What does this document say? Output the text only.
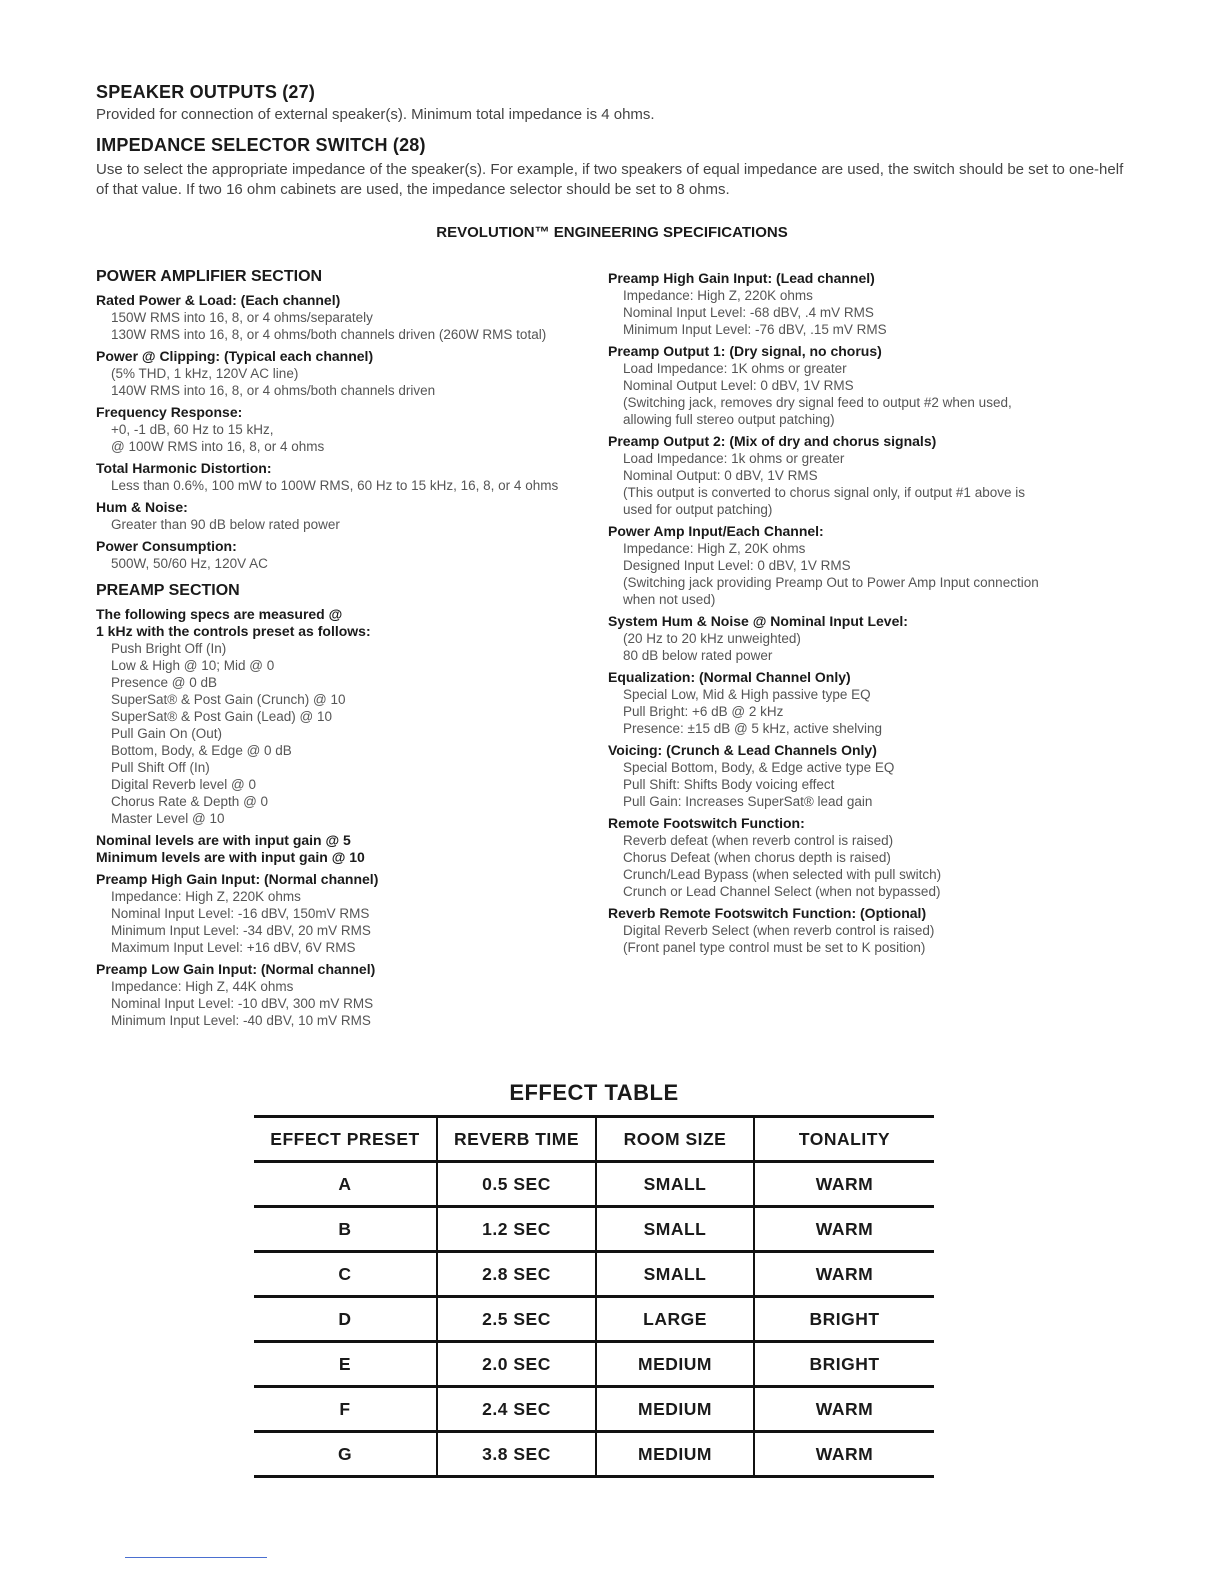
SPEAKER OUTPUTS (27)
Provided for connection of external speaker(s). Minimum total impedance is 4 ohms.
IMPEDANCE SELECTOR SWITCH (28)
Use to select the appropriate impedance of the speaker(s). For example, if two speakers of equal impedance are used, the switch should be set to one-helf of that value. If two 16 ohm cabinets are used, the impedance selector should be set to 8 ohms.
REVOLUTION™ ENGINEERING SPECIFICATIONS
POWER AMPLIFIER SECTION
Rated Power & Load: (Each channel)
150W RMS into 16, 8, or 4 ohms/separately
130W RMS into 16, 8, or 4 ohms/both channels driven (260W RMS total)
Power @ Clipping: (Typical each channel)
(5% THD, 1 kHz, 120V AC line)
140W RMS into 16, 8, or 4 ohms/both channels driven
Frequency Response:
+0, -1 dB, 60 Hz to 15 kHz,
@ 100W RMS into 16, 8, or 4 ohms
Total Harmonic Distortion:
Less than 0.6%, 100 mW to 100W RMS, 60 Hz to 15 kHz, 16, 8, or 4 ohms
Hum & Noise:
Greater than 90 dB below rated power
Power Consumption:
500W, 50/60 Hz, 120V AC
PREAMP SECTION
The following specs are measured @
1 kHz with the controls preset as follows:
Push Bright Off (In)
Low & High @ 10; Mid @ 0
Presence @ 0 dB
SuperSat® & Post Gain (Crunch) @ 10
SuperSat® & Post Gain (Lead) @ 10
Pull Gain On (Out)
Bottom, Body, & Edge @ 0 dB
Pull Shift Off (In)
Digital Reverb level @ 0
Chorus Rate & Depth @ 0
Master Level @ 10
Nominal levels are with input gain @ 5
Minimum levels are with input gain @ 10
Preamp High Gain Input: (Normal channel)
Impedance: High Z, 220K ohms
Nominal Input Level: -16 dBV, 150mV RMS
Minimum Input Level: -34 dBV, 20 mV RMS
Maximum Input Level: +16 dBV, 6V RMS
Preamp Low Gain Input: (Normal channel)
Impedance: High Z, 44K ohms
Nominal Input Level: -10 dBV, 300 mV RMS
Minimum Input Level: -40 dBV, 10 mV RMS
Preamp High Gain Input: (Lead channel)
Impedance: High Z, 220K ohms
Nominal Input Level: -68 dBV, .4 mV RMS
Minimum Input Level: -76 dBV, .15 mV RMS
Preamp Output 1: (Dry signal, no chorus)
Load Impedance: 1K ohms or greater
Nominal Output Level: 0 dBV, 1V RMS
(Switching jack, removes dry signal feed to output #2 when used,
allowing full stereo output patching)
Preamp Output 2: (Mix of dry and chorus signals)
Load Impedance: 1k ohms or greater
Nominal Output: 0 dBV, 1V RMS
(This output is converted to chorus signal only, if output #1 above is
used for output patching)
Power Amp Input/Each Channel:
Impedance: High Z, 20K ohms
Designed Input Level: 0 dBV, 1V RMS
(Switching jack providing Preamp Out to Power Amp Input connection
when not used)
System Hum & Noise @ Nominal Input Level:
(20 Hz to 20 kHz unweighted)
80 dB below rated power
Equalization: (Normal Channel Only)
Special Low, Mid & High passive type EQ
Pull Bright: +6 dB @ 2 kHz
Presence: ±15 dB @ 5 kHz, active shelving
Voicing: (Crunch & Lead Channels Only)
Special Bottom, Body, & Edge active type EQ
Pull Shift: Shifts Body voicing effect
Pull Gain: Increases SuperSat® lead gain
Remote Footswitch Function:
Reverb defeat (when reverb control is raised)
Chorus Defeat (when chorus depth is raised)
Crunch/Lead Bypass (when selected with pull switch)
Crunch or Lead Channel Select (when not bypassed)
Reverb Remote Footswitch Function: (Optional)
Digital Reverb Select (when reverb control is raised)
(Front panel type control must be set to K position)
EFFECT TABLE
EFFECT PRESET	REVERB TIME	ROOM SIZE	TONALITY
A	0.5 SEC	SMALL	WARM
B	1.2 SEC	SMALL	WARM
C	2.8 SEC	SMALL	WARM
D	2.5 SEC	LARGE	BRIGHT
E	2.0 SEC	MEDIUM	BRIGHT
F	2.4 SEC	MEDIUM	WARM
G	3.8 SEC	MEDIUM	WARM
